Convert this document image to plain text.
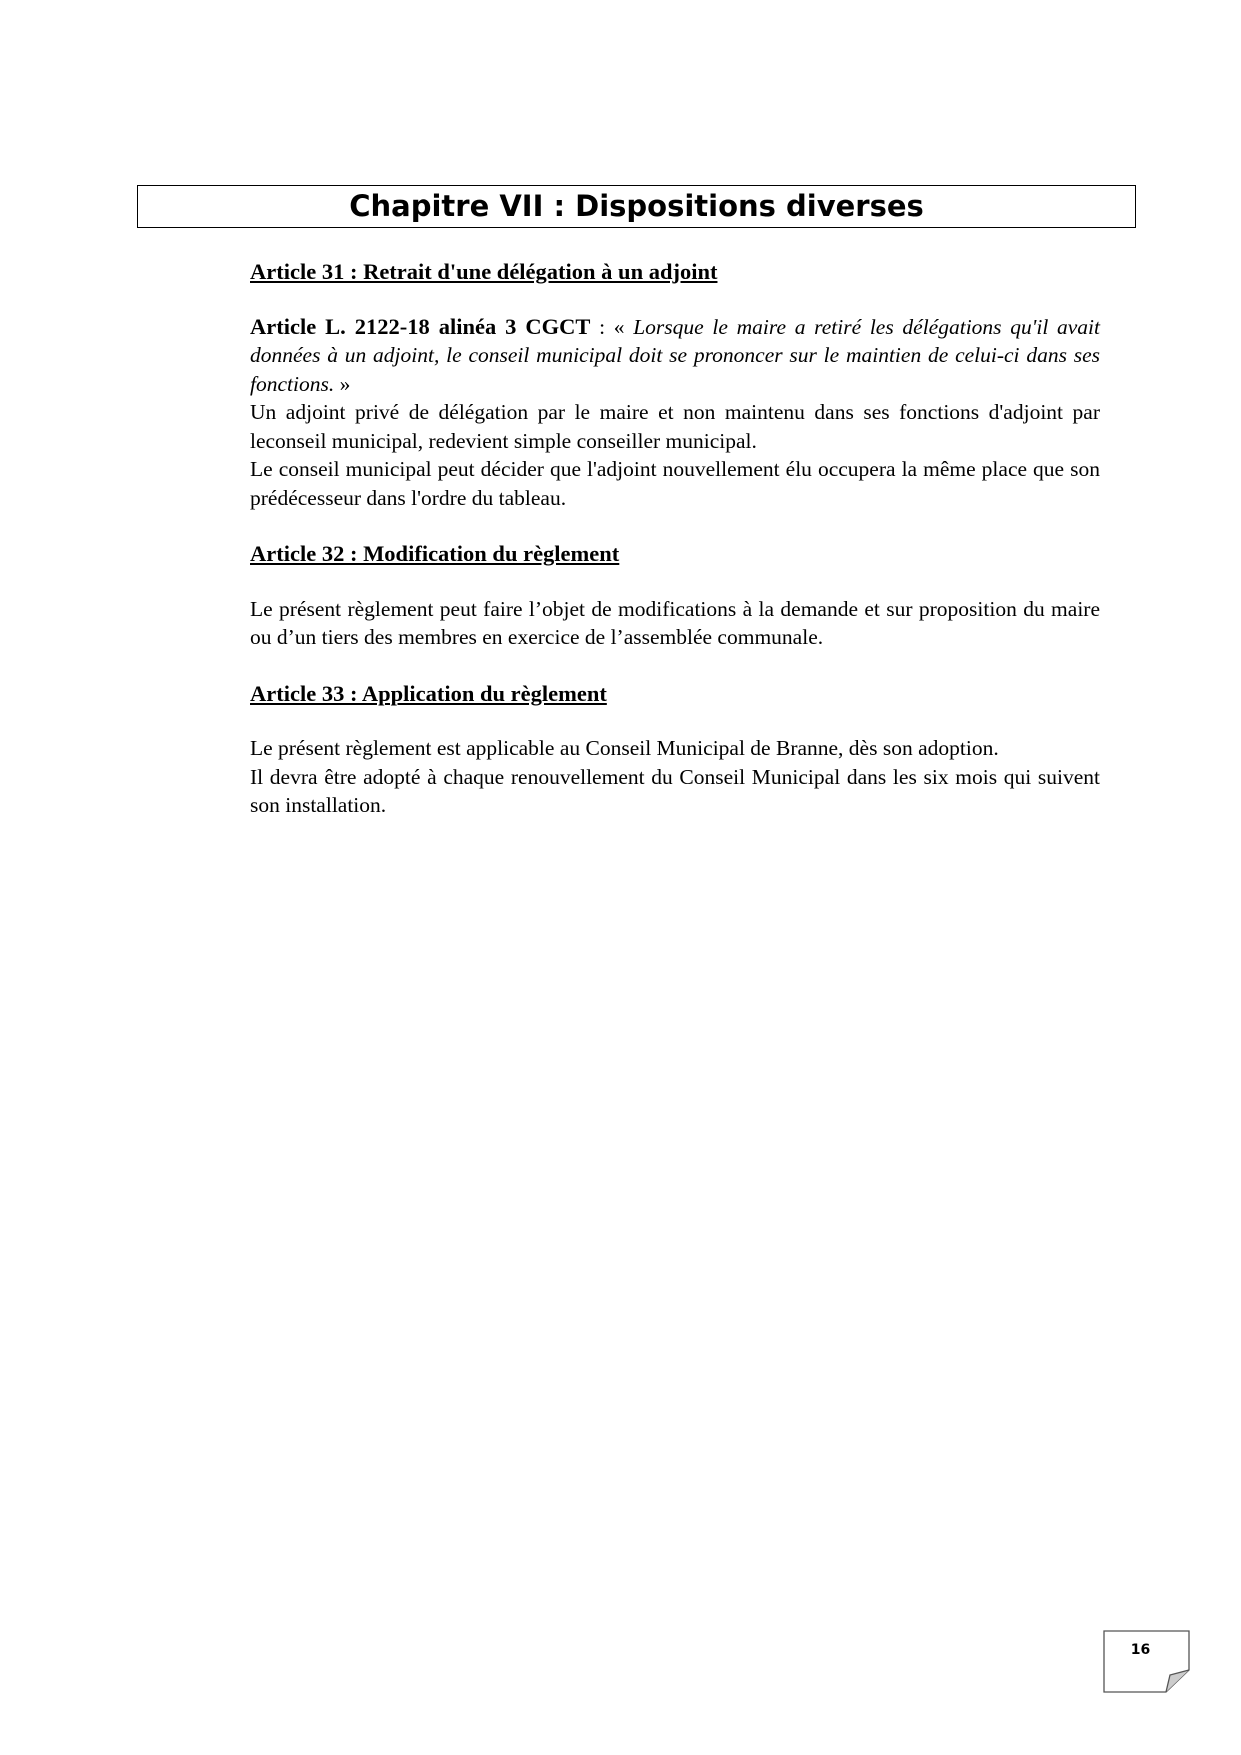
Chapitre VII : Dispositions diverses

Article 31 : Retrait d'une délégation à un adjoint

Article L. 2122-18 alinéa 3 CGCT : « Lorsque le maire a retiré les délégations qu'il avait données à un adjoint, le conseil municipal doit se prononcer sur le maintien de celui-ci dans ses fonctions. »

Un adjoint privé de délégation par le maire et non maintenu dans ses fonctions d'adjoint par leconseil municipal, redevient simple conseiller municipal.

Le conseil municipal peut décider que l'adjoint nouvellement élu occupera la même place que son prédécesseur dans l'ordre du tableau.

Article 32 : Modification du règlement

Le présent règlement peut faire l’objet de modifications à la demande et sur proposition du maire ou d’un tiers des membres en exercice de l’assemblée communale.

Article 33 : Application du règlement

Le présent règlement est applicable au Conseil Municipal de Branne, dès son adoption.

Il devra être adopté à chaque renouvellement du Conseil Municipal dans les six mois qui suivent son installation.

16
